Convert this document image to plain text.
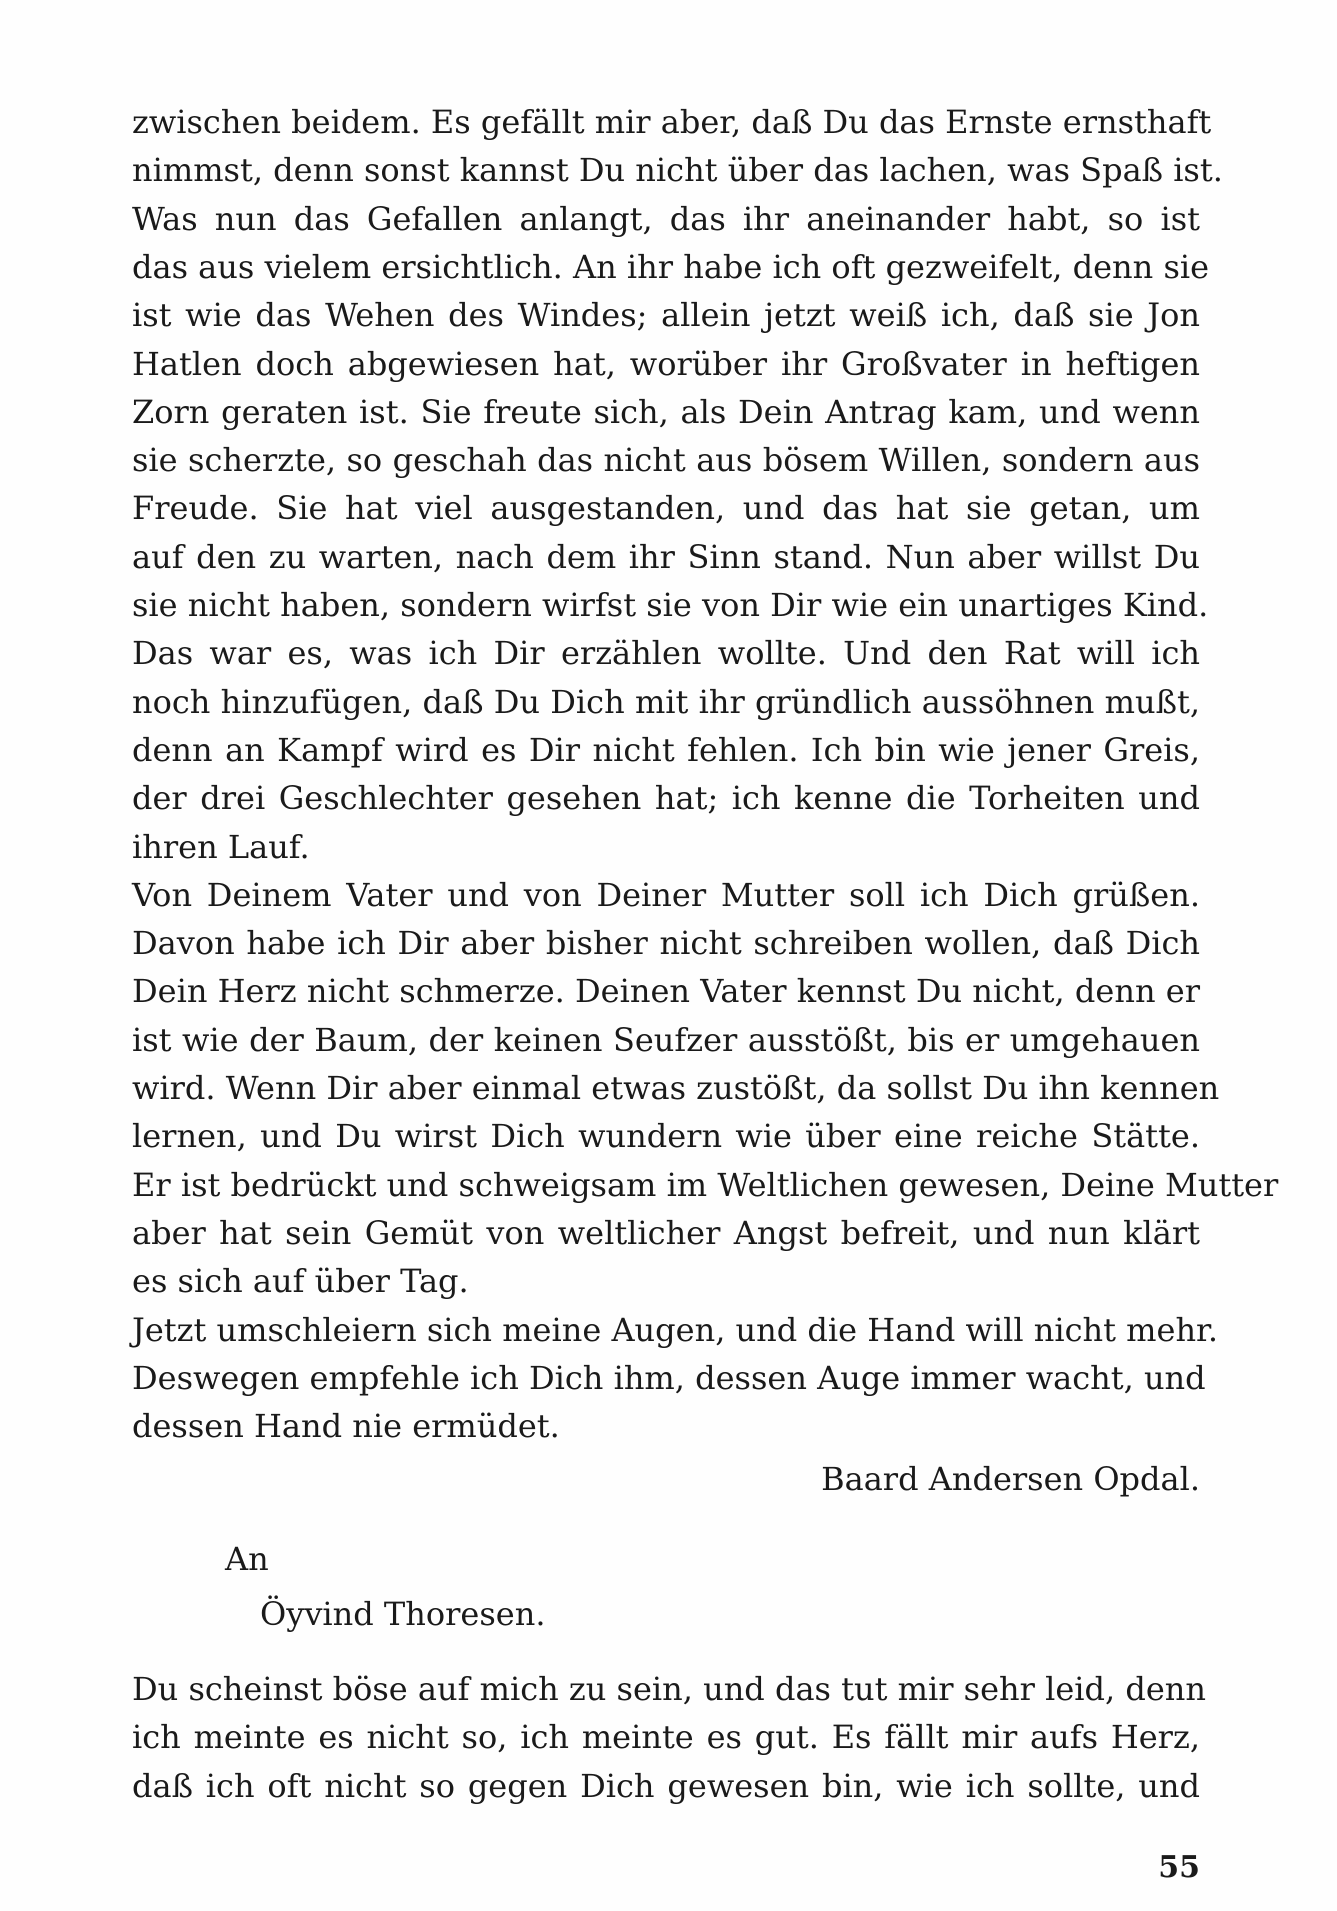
zwischen beidem. Es gefällt mir aber, daß Du das Ernste ernsthaft
nimmst, denn sonst kannst Du nicht über das lachen, was Spaß ist.
Was nun das Gefallen anlangt, das ihr aneinander habt, so ist
das aus vielem ersichtlich. An ihr habe ich oft gezweifelt, denn sie
ist wie das Wehen des Windes; allein jetzt weiß ich, daß sie Jon
Hatlen doch abgewiesen hat, worüber ihr Großvater in heftigen
Zorn geraten ist. Sie freute sich, als Dein Antrag kam, und wenn
sie scherzte, so geschah das nicht aus bösem Willen, sondern aus
Freude. Sie hat viel ausgestanden, und das hat sie getan, um
auf den zu warten, nach dem ihr Sinn stand. Nun aber willst Du
sie nicht haben, sondern wirfst sie von Dir wie ein unartiges Kind.
Das war es, was ich Dir erzählen wollte. Und den Rat will ich
noch hinzufügen, daß Du Dich mit ihr gründlich aussöhnen mußt,
denn an Kampf wird es Dir nicht fehlen. Ich bin wie jener Greis,
der drei Geschlechter gesehen hat; ich kenne die Torheiten und
ihren Lauf.
Von Deinem Vater und von Deiner Mutter soll ich Dich grüßen.
Davon habe ich Dir aber bisher nicht schreiben wollen, daß Dich
Dein Herz nicht schmerze. Deinen Vater kennst Du nicht, denn er
ist wie der Baum, der keinen Seufzer ausstößt, bis er umgehauen
wird. Wenn Dir aber einmal etwas zustößt, da sollst Du ihn kennen
lernen, und Du wirst Dich wundern wie über eine reiche Stätte.
Er ist bedrückt und schweigsam im Weltlichen gewesen, Deine Mutter
aber hat sein Gemüt von weltlicher Angst befreit, und nun klärt
es sich auf über Tag.
Jetzt umschleiern sich meine Augen, und die Hand will nicht mehr.
Deswegen empfehle ich Dich ihm, dessen Auge immer wacht, und
dessen Hand nie ermüdet.
Baard Andersen Opdal.
An
Öyvind Thoresen.
Du scheinst böse auf mich zu sein, und das tut mir sehr leid, denn
ich meinte es nicht so, ich meinte es gut. Es fällt mir aufs Herz,
daß ich oft nicht so gegen Dich gewesen bin, wie ich sollte, und
55
